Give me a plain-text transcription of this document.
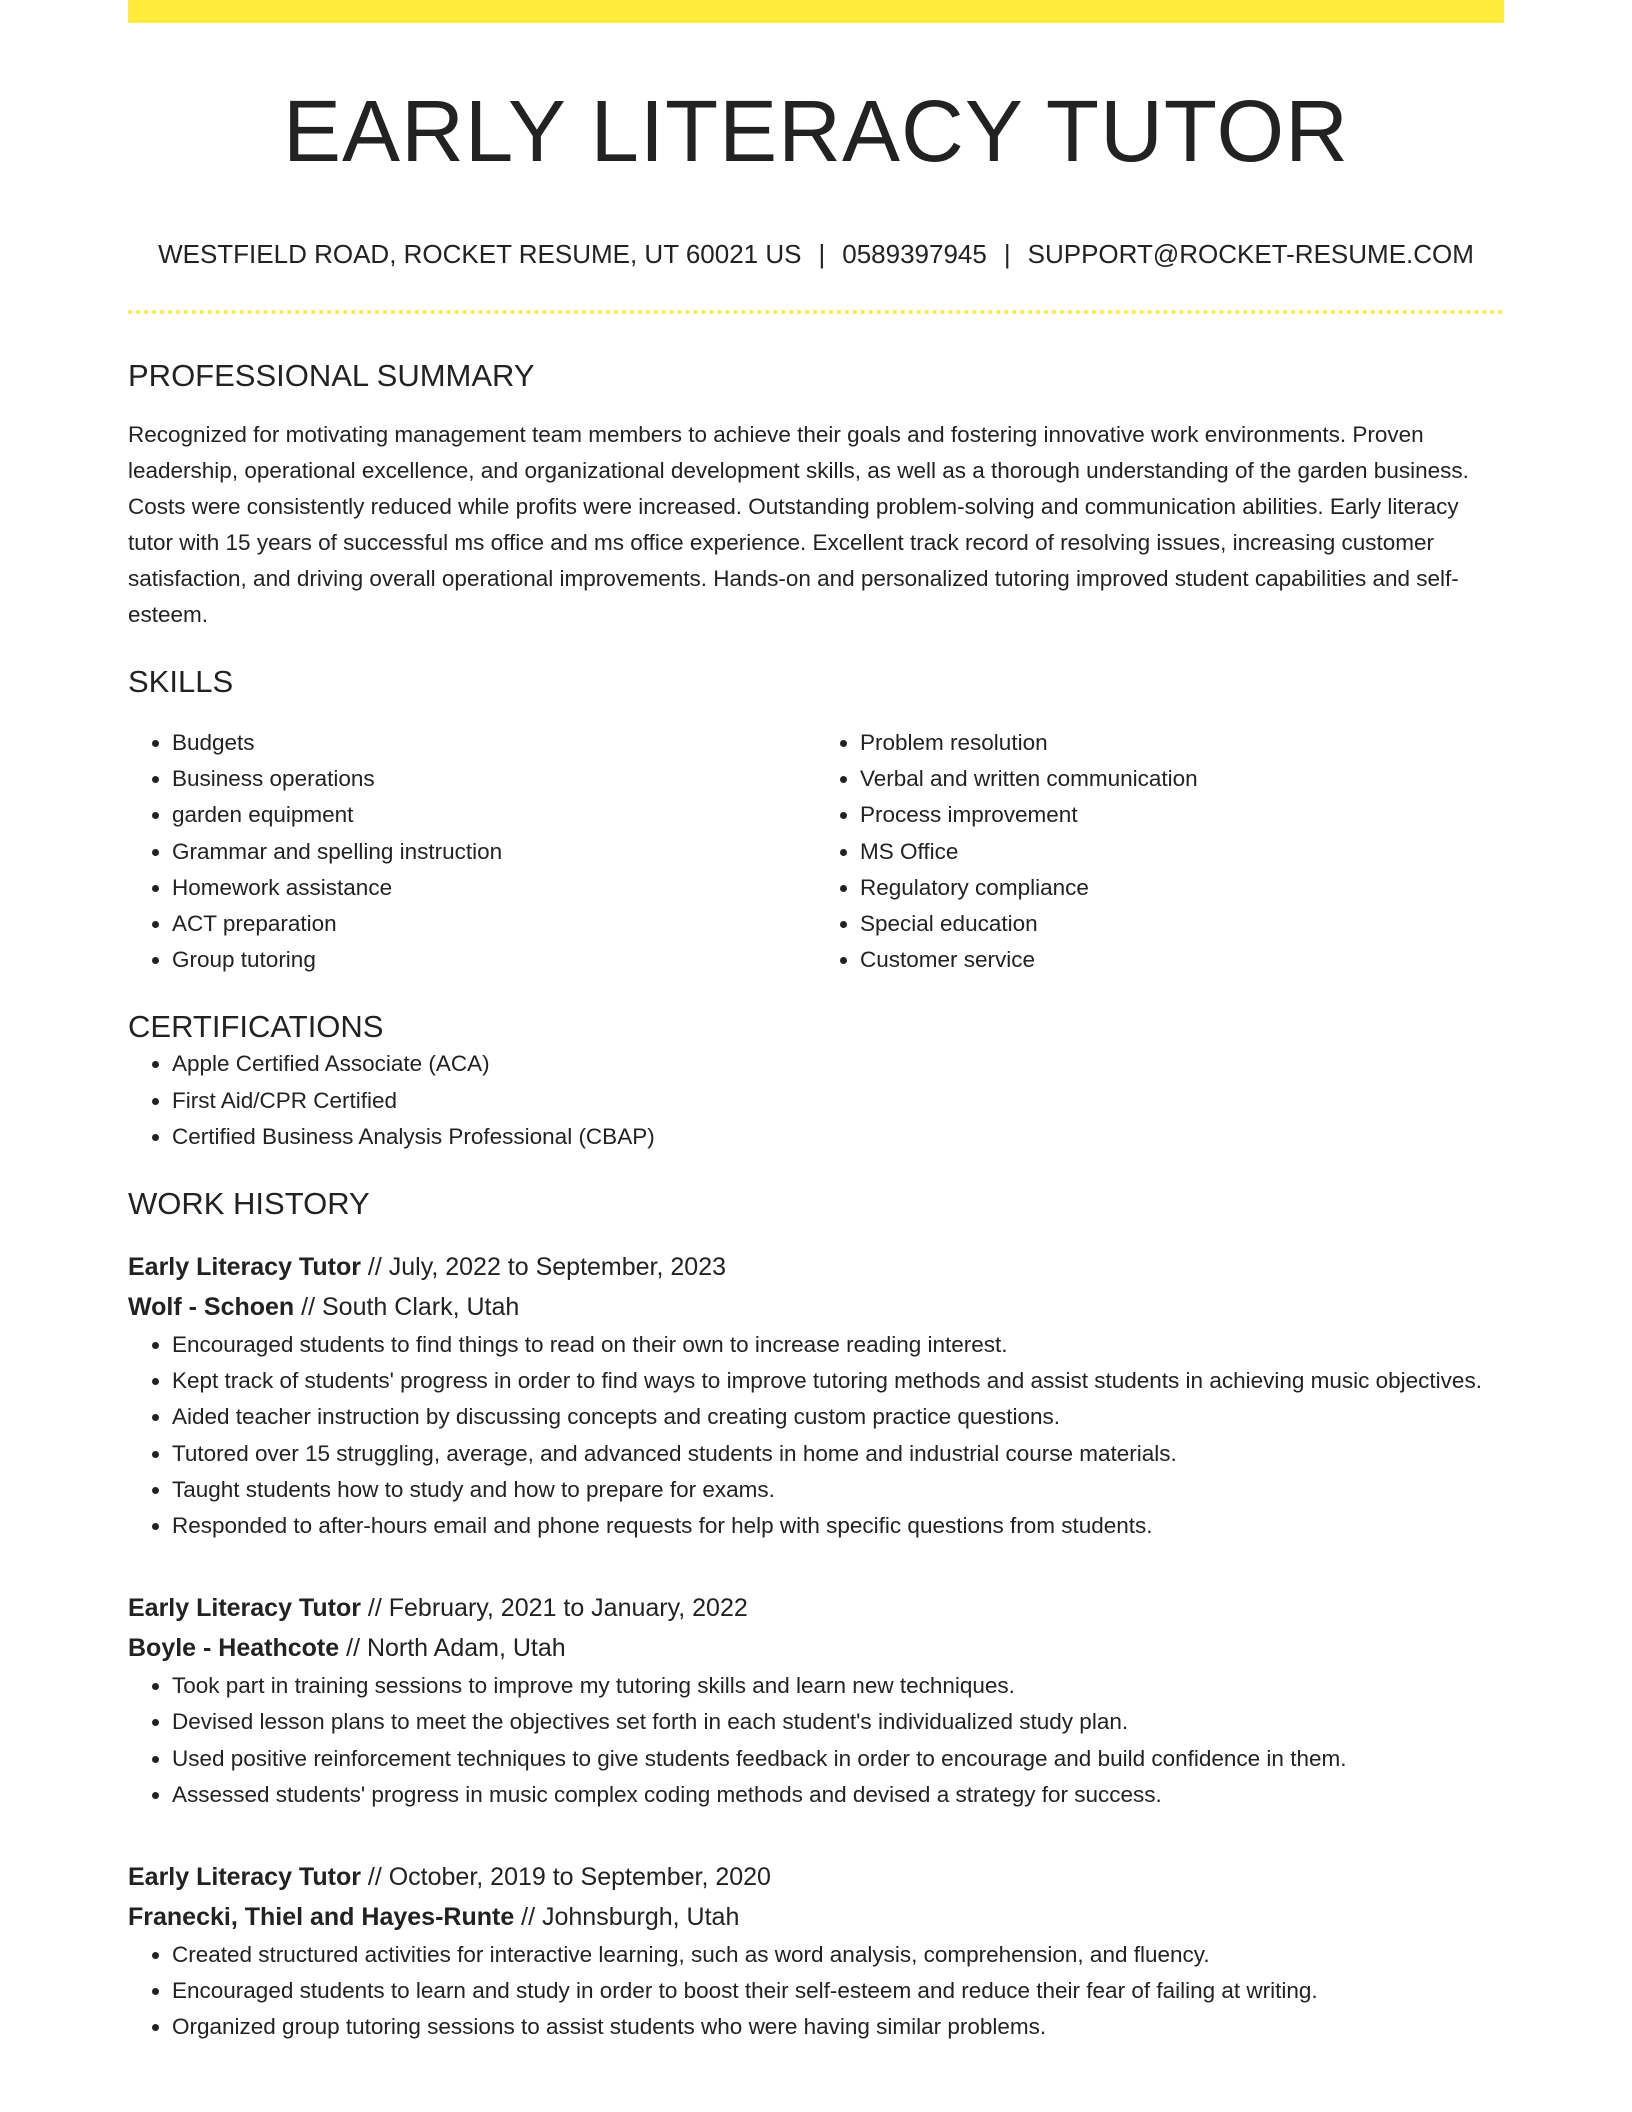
EARLY LITERACY TUTOR
WESTFIELD ROAD, ROCKET RESUME, UT 60021 US | 0589397945 | SUPPORT@ROCKET-RESUME.COM
PROFESSIONAL SUMMARY
Recognized for motivating management team members to achieve their goals and fostering innovative work environments. Proven leadership, operational excellence, and organizational development skills, as well as a thorough understanding of the garden business. Costs were consistently reduced while profits were increased. Outstanding problem-solving and communication abilities. Early literacy tutor with 15 years of successful ms office and ms office experience. Excellent track record of resolving issues, increasing customer satisfaction, and driving overall operational improvements. Hands-on and personalized tutoring improved student capabilities and self-esteem.
SKILLS
• Budgets
• Business operations
• garden equipment
• Grammar and spelling instruction
• Homework assistance
• ACT preparation
• Group tutoring
• Problem resolution
• Verbal and written communication
• Process improvement
• MS Office
• Regulatory compliance
• Special education
• Customer service
CERTIFICATIONS
• Apple Certified Associate (ACA)
• First Aid/CPR Certified
• Certified Business Analysis Professional (CBAP)
WORK HISTORY
Early Literacy Tutor // July, 2022 to September, 2023
Wolf - Schoen // South Clark, Utah
• Encouraged students to find things to read on their own to increase reading interest.
• Kept track of students' progress in order to find ways to improve tutoring methods and assist students in achieving music objectives.
• Aided teacher instruction by discussing concepts and creating custom practice questions.
• Tutored over 15 struggling, average, and advanced students in home and industrial course materials.
• Taught students how to study and how to prepare for exams.
• Responded to after-hours email and phone requests for help with specific questions from students.
Early Literacy Tutor // February, 2021 to January, 2022
Boyle - Heathcote // North Adam, Utah
• Took part in training sessions to improve my tutoring skills and learn new techniques.
• Devised lesson plans to meet the objectives set forth in each student's individualized study plan.
• Used positive reinforcement techniques to give students feedback in order to encourage and build confidence in them.
• Assessed students' progress in music complex coding methods and devised a strategy for success.
Early Literacy Tutor // October, 2019 to September, 2020
Franecki, Thiel and Hayes-Runte // Johnsburgh, Utah
• Created structured activities for interactive learning, such as word analysis, comprehension, and fluency.
• Encouraged students to learn and study in order to boost their self-esteem and reduce their fear of failing at writing.
• Organized group tutoring sessions to assist students who were having similar problems.
